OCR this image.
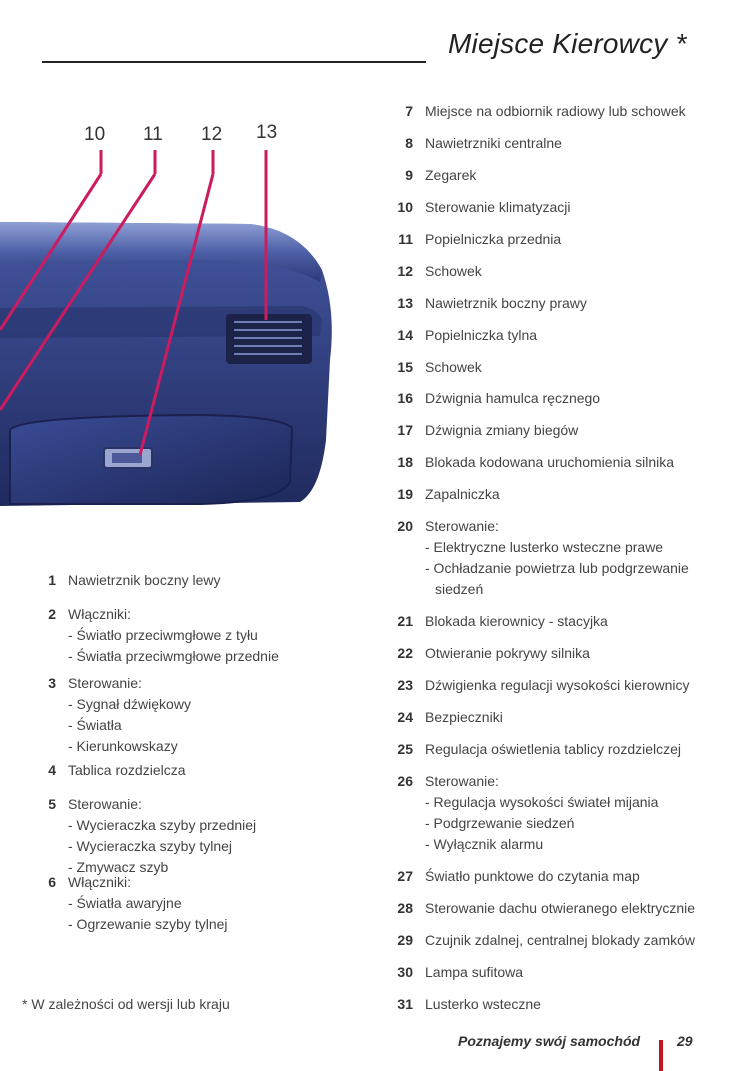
Miejsce Kierowcy *
10 11 12 13
1 Nawietrznik boczny lewy
2 Włączniki:
- Światło przeciwmgłowe z tyłu
- Światła przeciwmgłowe przednie
3 Sterowanie:
- Sygnał dźwiękowy
- Światła
- Kierunkowskazy
4 Tablica rozdzielcza
5 Sterowanie:
- Wycieraczka szyby przedniej
- Wycieraczka szyby tylnej
- Zmywacz szyb
6 Włączniki:
- Światła awaryjne
- Ogrzewanie szyby tylnej
7 Miejsce na odbiornik radiowy lub schowek
8 Nawietrzniki centralne
9 Zegarek
10 Sterowanie klimatyzacji
11 Popielniczka przednia
12 Schowek
13 Nawietrznik boczny prawy
14 Popielniczka tylna
15 Schowek
16 Dźwignia hamulca ręcznego
17 Dźwignia zmiany biegów
18 Blokada kodowana uruchomienia silnika
19 Zapalniczka
20 Sterowanie:
- Elektryczne lusterko wsteczne prawe
- Ochładzanie powietrza lub podgrzewanie
siedzeń
21 Blokada kierownicy - stacyjka
22 Otwieranie pokrywy silnika
23 Dźwigienka regulacji wysokości kierownicy
24 Bezpieczniki
25 Regulacja oświetlenia tablicy rozdzielczej
26 Sterowanie:
- Regulacja wysokości świateł mijania
- Podgrzewanie siedzeń
- Wyłącznik alarmu
27 Światło punktowe do czytania map
28 Sterowanie dachu otwieranego elektrycznie
29 Czujnik zdalnej, centralnej blokady zamków
30 Lampa sufitowa
31 Lusterko wsteczne
* W zależności od wersji lub kraju
Poznajemy swój samochód	29
